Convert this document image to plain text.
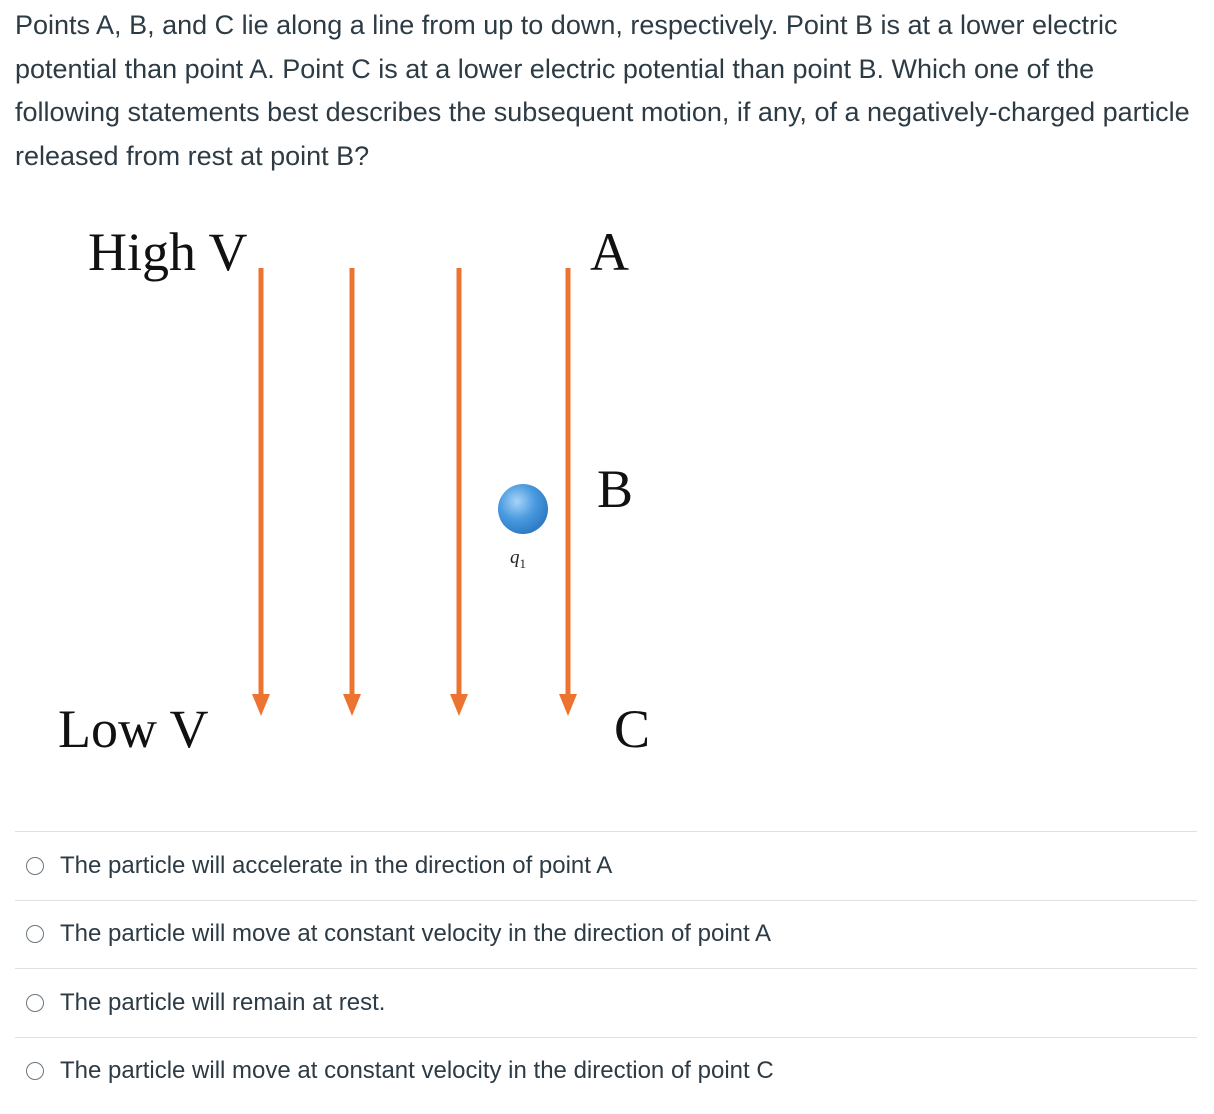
Points A, B, and C lie along a line from up to down, respectively. Point B is at a lower electric potential than point A. Point C is at a lower electric potential than point B. Which one of the following statements best describes the subsequent motion, if any, of a negatively-charged particle released from rest at point B?

High V
Low V
A
B
C
$q_1$
The particle will accelerate in the direction of point A
The particle will move at constant velocity in the direction of point A
The particle will remain at rest.
The particle will move at constant velocity in the direction of point C
